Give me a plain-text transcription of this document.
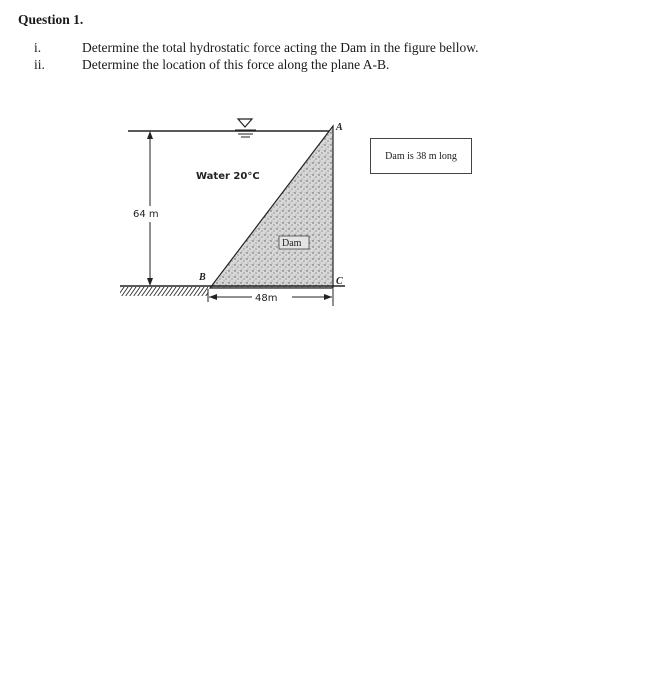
Question 1.
i.	Determine the total hydrostatic force acting the Dam in the figure bellow.
ii.	Determine the location of this force along the plane A-B.
Water 20°C
64 m
48m
Dam
A
B	C
Dam is 38 m long
